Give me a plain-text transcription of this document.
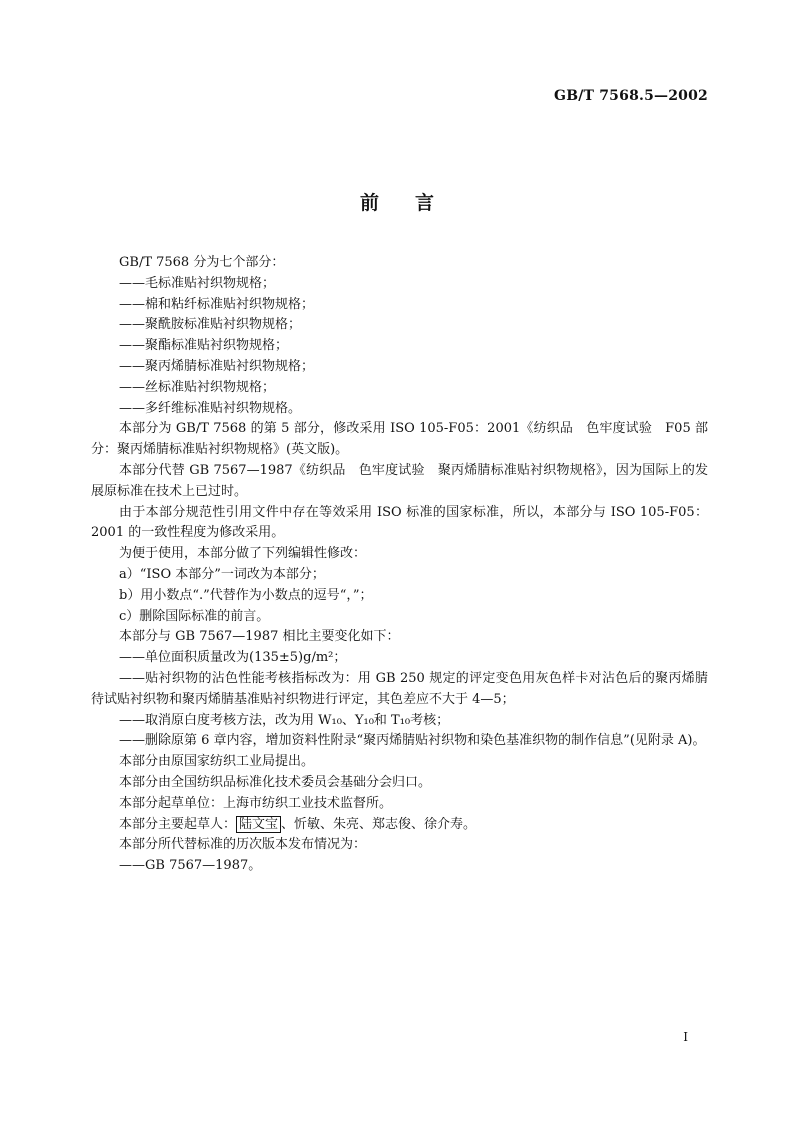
GB/T 7568.5—2002
前言

GB/T 7568 分为七个部分：

——毛标准贴衬织物规格；

——棉和粘纤标准贴衬织物规格；

——聚酰胺标准贴衬织物规格；

——聚酯标准贴衬织物规格；

——聚丙烯腈标准贴衬织物规格；

——丝标准贴衬织物规格；

——多纤维标准贴衬织物规格。

本部分为 GB/T 7568 的第 5 部分，修改采用 ISO 105-F05：2001《纺织品　色牢度试验　F05 部分：聚丙烯腈标准贴衬织物规格》(英文版)。

本部分代替 GB 7567—1987《纺织品　色牢度试验　聚丙烯腈标准贴衬织物规格》，因为国际上的发展原标准在技术上已过时。

由于本部分规范性引用文件中存在等效采用 ISO 标准的国家标准，所以，本部分与 ISO 105-F05：2001 的一致性程度为修改采用。

为便于使用，本部分做了下列编辑性修改：

a）“ISO 本部分”一词改为本部分；

b）用小数点“.”代替作为小数点的逗号“，”；

c）删除国际标准的前言。

本部分与 GB 7567—1987 相比主要变化如下：

——单位面积质量改为(135±5)g/m²；

——贴衬织物的沾色性能考核指标改为：用 GB 250 规定的评定变色用灰色样卡对沾色后的聚丙烯腈待试贴衬织物和聚丙烯腈基准贴衬织物进行评定，其色差应不大于 4—5；

——取消原白度考核方法，改为用 W₁₀、Y₁₀和 T₁₀考核；

——删除原第 6 章内容，增加资料性附录“聚丙烯腈贴衬织物和染色基准织物的制作信息”(见附录 A)。

本部分由原国家纺织工业局提出。

本部分由全国纺织品标准化技术委员会基础分会归口。

本部分起草单位：上海市纺织工业技术监督所。

本部分主要起草人： 陆文宝 、忻敏、朱亮、郑志俊、徐介寿。

本部分所代替标准的历次版本发布情况为：

——GB 7567—1987。

I
